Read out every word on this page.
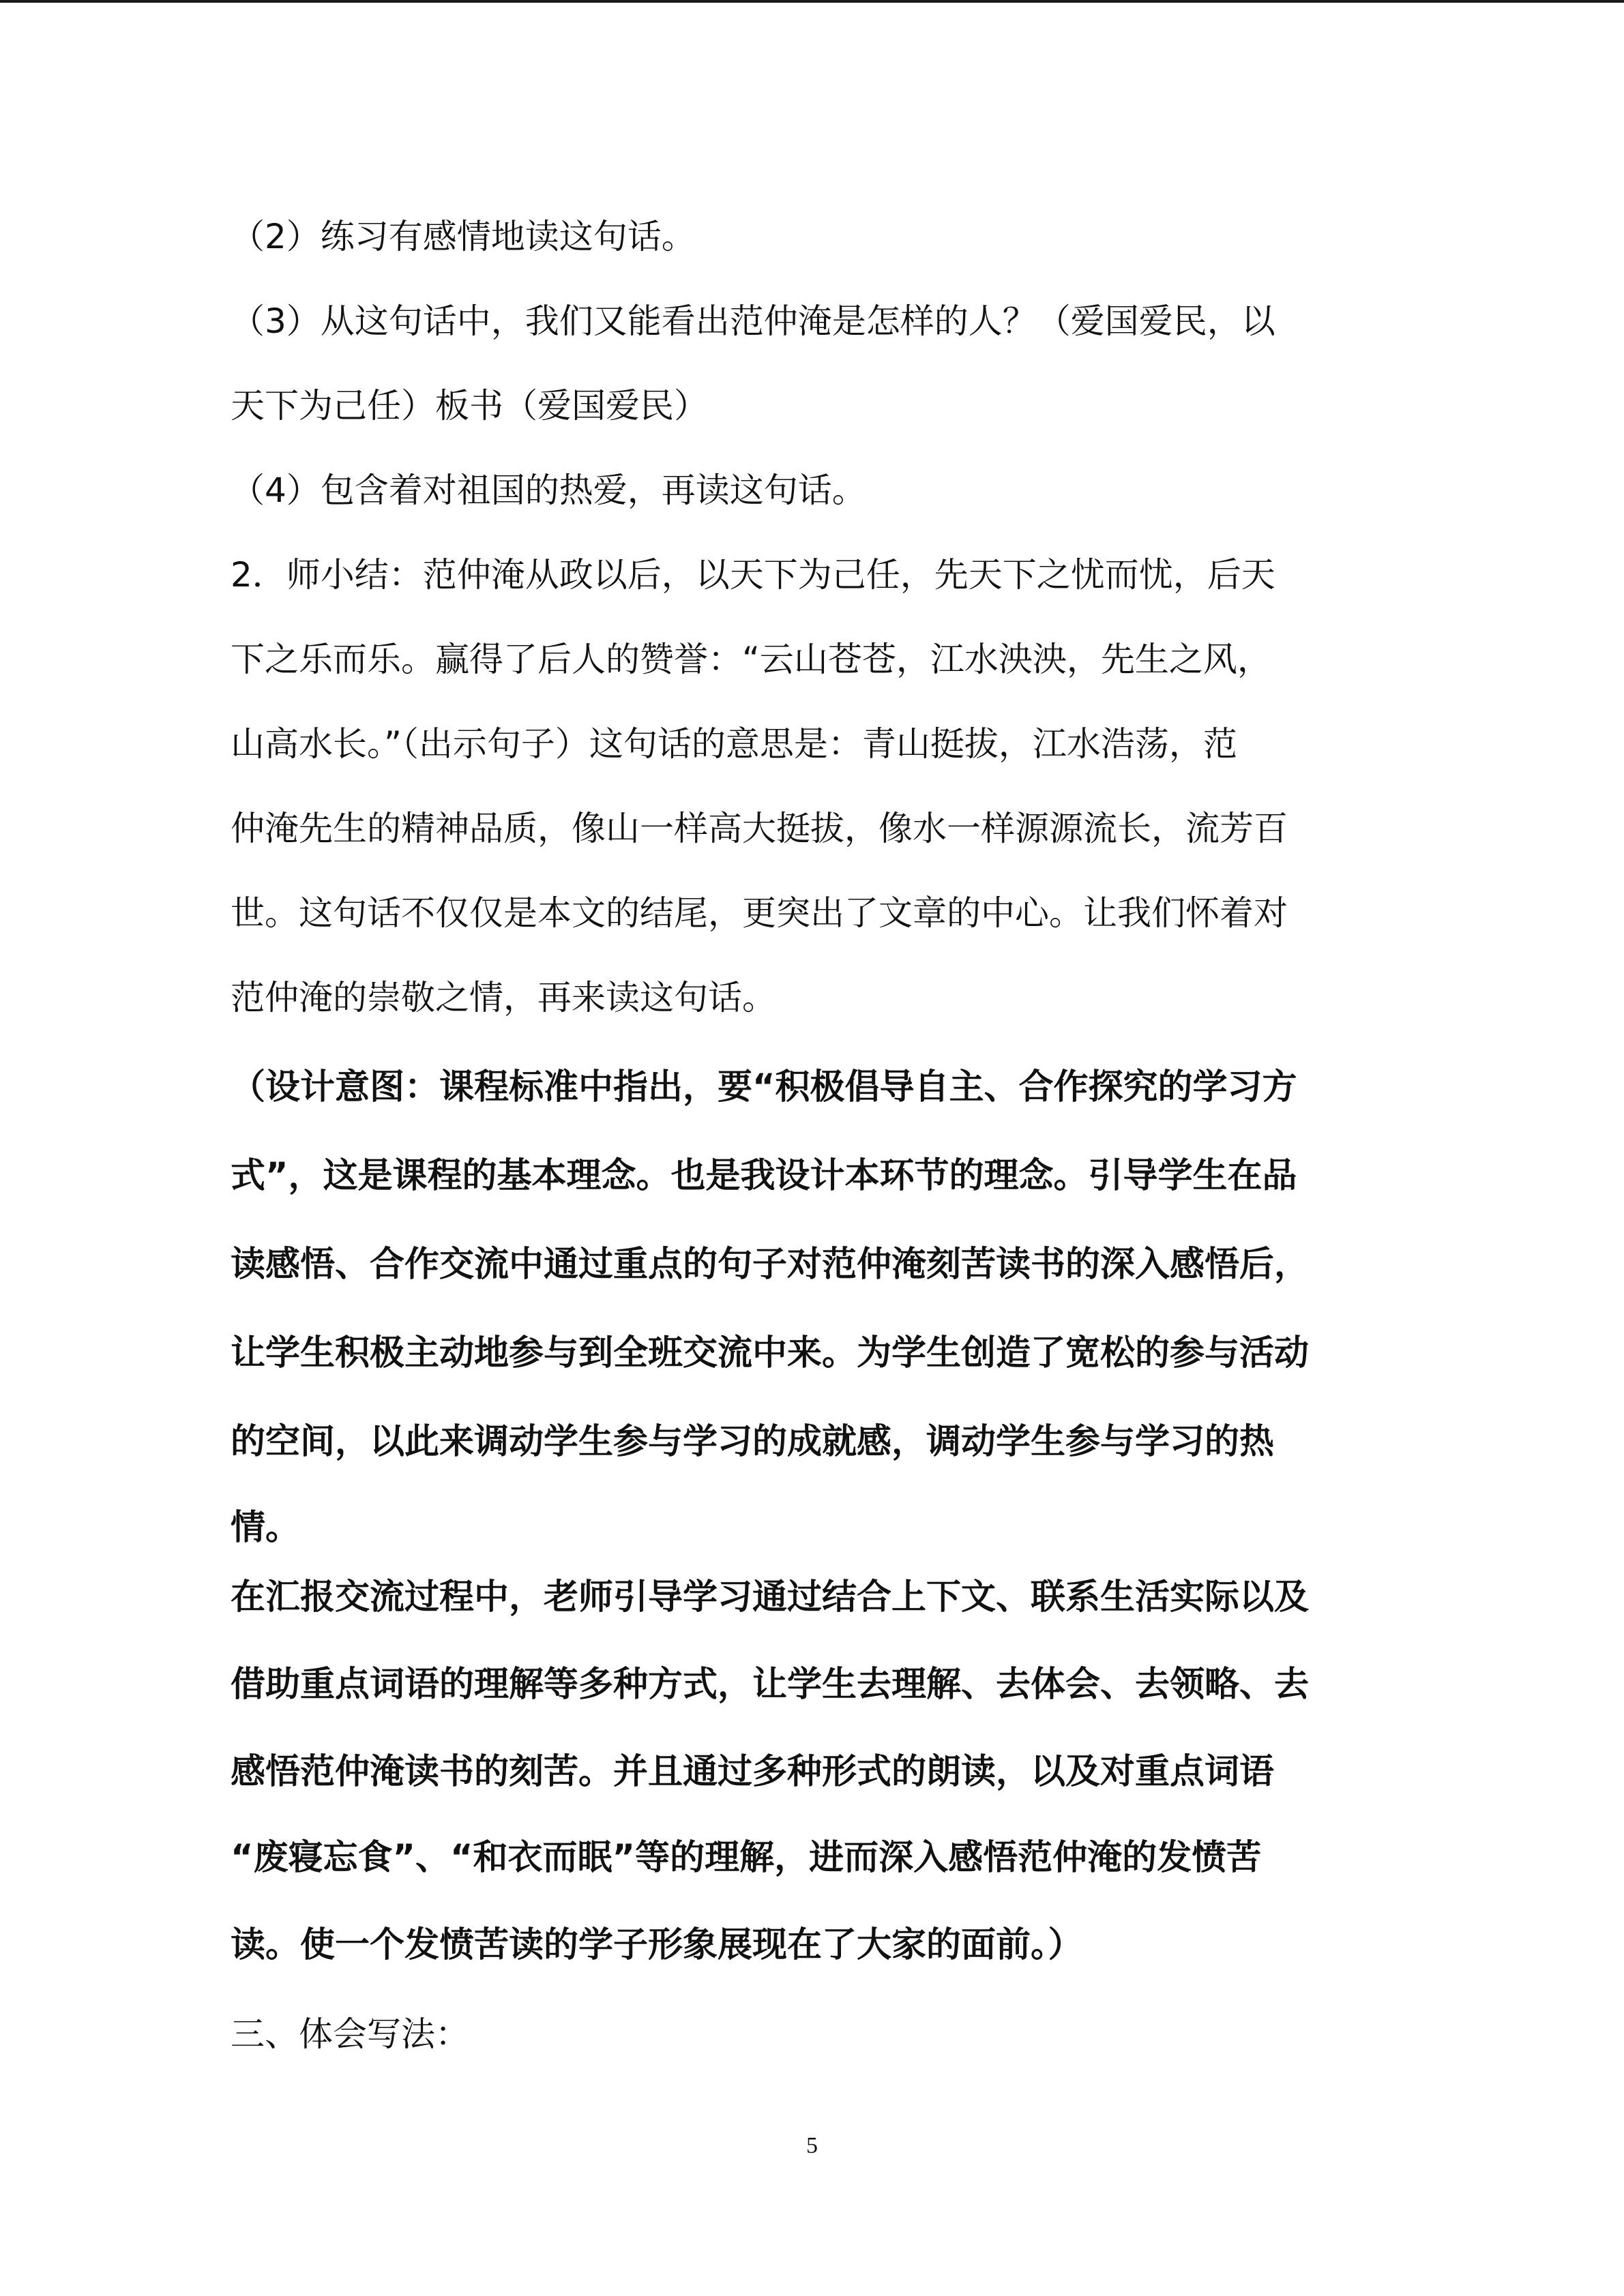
（2）练习有感情地读这句话。
（3）从这句话中，我们又能看出范仲淹是怎样的人？（爱国爱民，以
天下为己任）板书（爱国爱民）
（4）包含着对祖国的热爱，再读这句话。
2．师小结：范仲淹从政以后，以天下为己任，先天下之忧而忧，后天
下之乐而乐。赢得了后人的赞誉：“云山苍苍，江水泱泱，先生之风，
山高水长。”（出示句子）这句话的意思是：青山挺拔，江水浩荡，范
仲淹先生的精神品质，像山一样高大挺拔，像水一样源源流长，流芳百
世。这句话不仅仅是本文的结尾，更突出了文章的中心。让我们怀着对
范仲淹的崇敬之情，再来读这句话。
（设计意图：课程标准中指出，要“积极倡导自主、合作探究的学习方
式”，这是课程的基本理念。也是我设计本环节的理念。引导学生在品
读感悟、合作交流中通过重点的句子对范仲淹刻苦读书的深入感悟后，
让学生积极主动地参与到全班交流中来。为学生创造了宽松的参与活动
的空间，以此来调动学生参与学习的成就感，调动学生参与学习的热
情。
在汇报交流过程中，老师引导学习通过结合上下文、联系生活实际以及
借助重点词语的理解等多种方式，让学生去理解、去体会、去领略、去
感悟范仲淹读书的刻苦。并且通过多种形式的朗读，以及对重点词语
“废寝忘食”、“和衣而眠”等的理解，进而深入感悟范仲淹的发愤苦
读。使一个发愤苦读的学子形象展现在了大家的面前。）
三、体会写法：
5
